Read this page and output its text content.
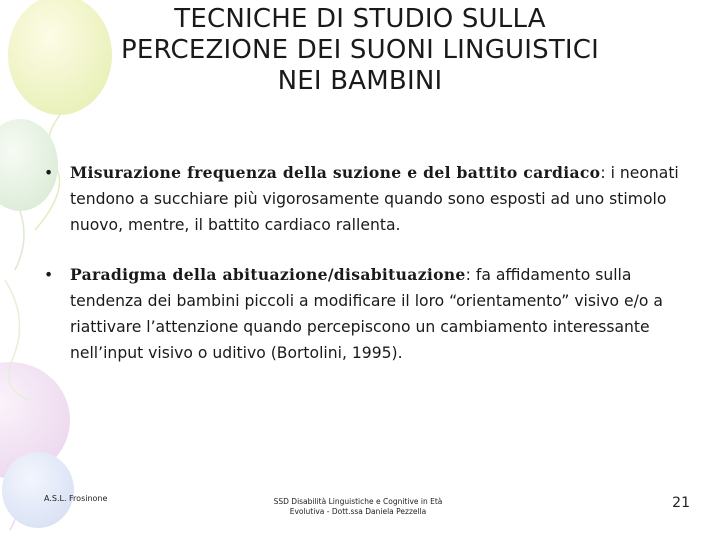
TECNICHE DI STUDIO SULLA
PERCEZIONE DEI SUONI LINGUISTICI
NEI BAMBINI
• Misurazione frequenza della suzione e del battito cardiaco: i neonati tendono a succhiare più vigorosamente quando sono esposti ad uno stimolo nuovo, mentre, il battito cardiaco rallenta.
• Paradigma della abituazione/disabituazione: fa affidamento sulla tendenza dei bambini piccoli a modificare il loro “orientamento” visivo e/o a riattivare l’attenzione quando percepiscono un cambiamento interessante nell’input visivo o uditivo (Bortolini, 1995).
A.S.L. Frosinone	SSD Disabilità Linguistiche e Cognitive in Età
Evolutiva - Dott.ssa Daniela Pezzella
21
